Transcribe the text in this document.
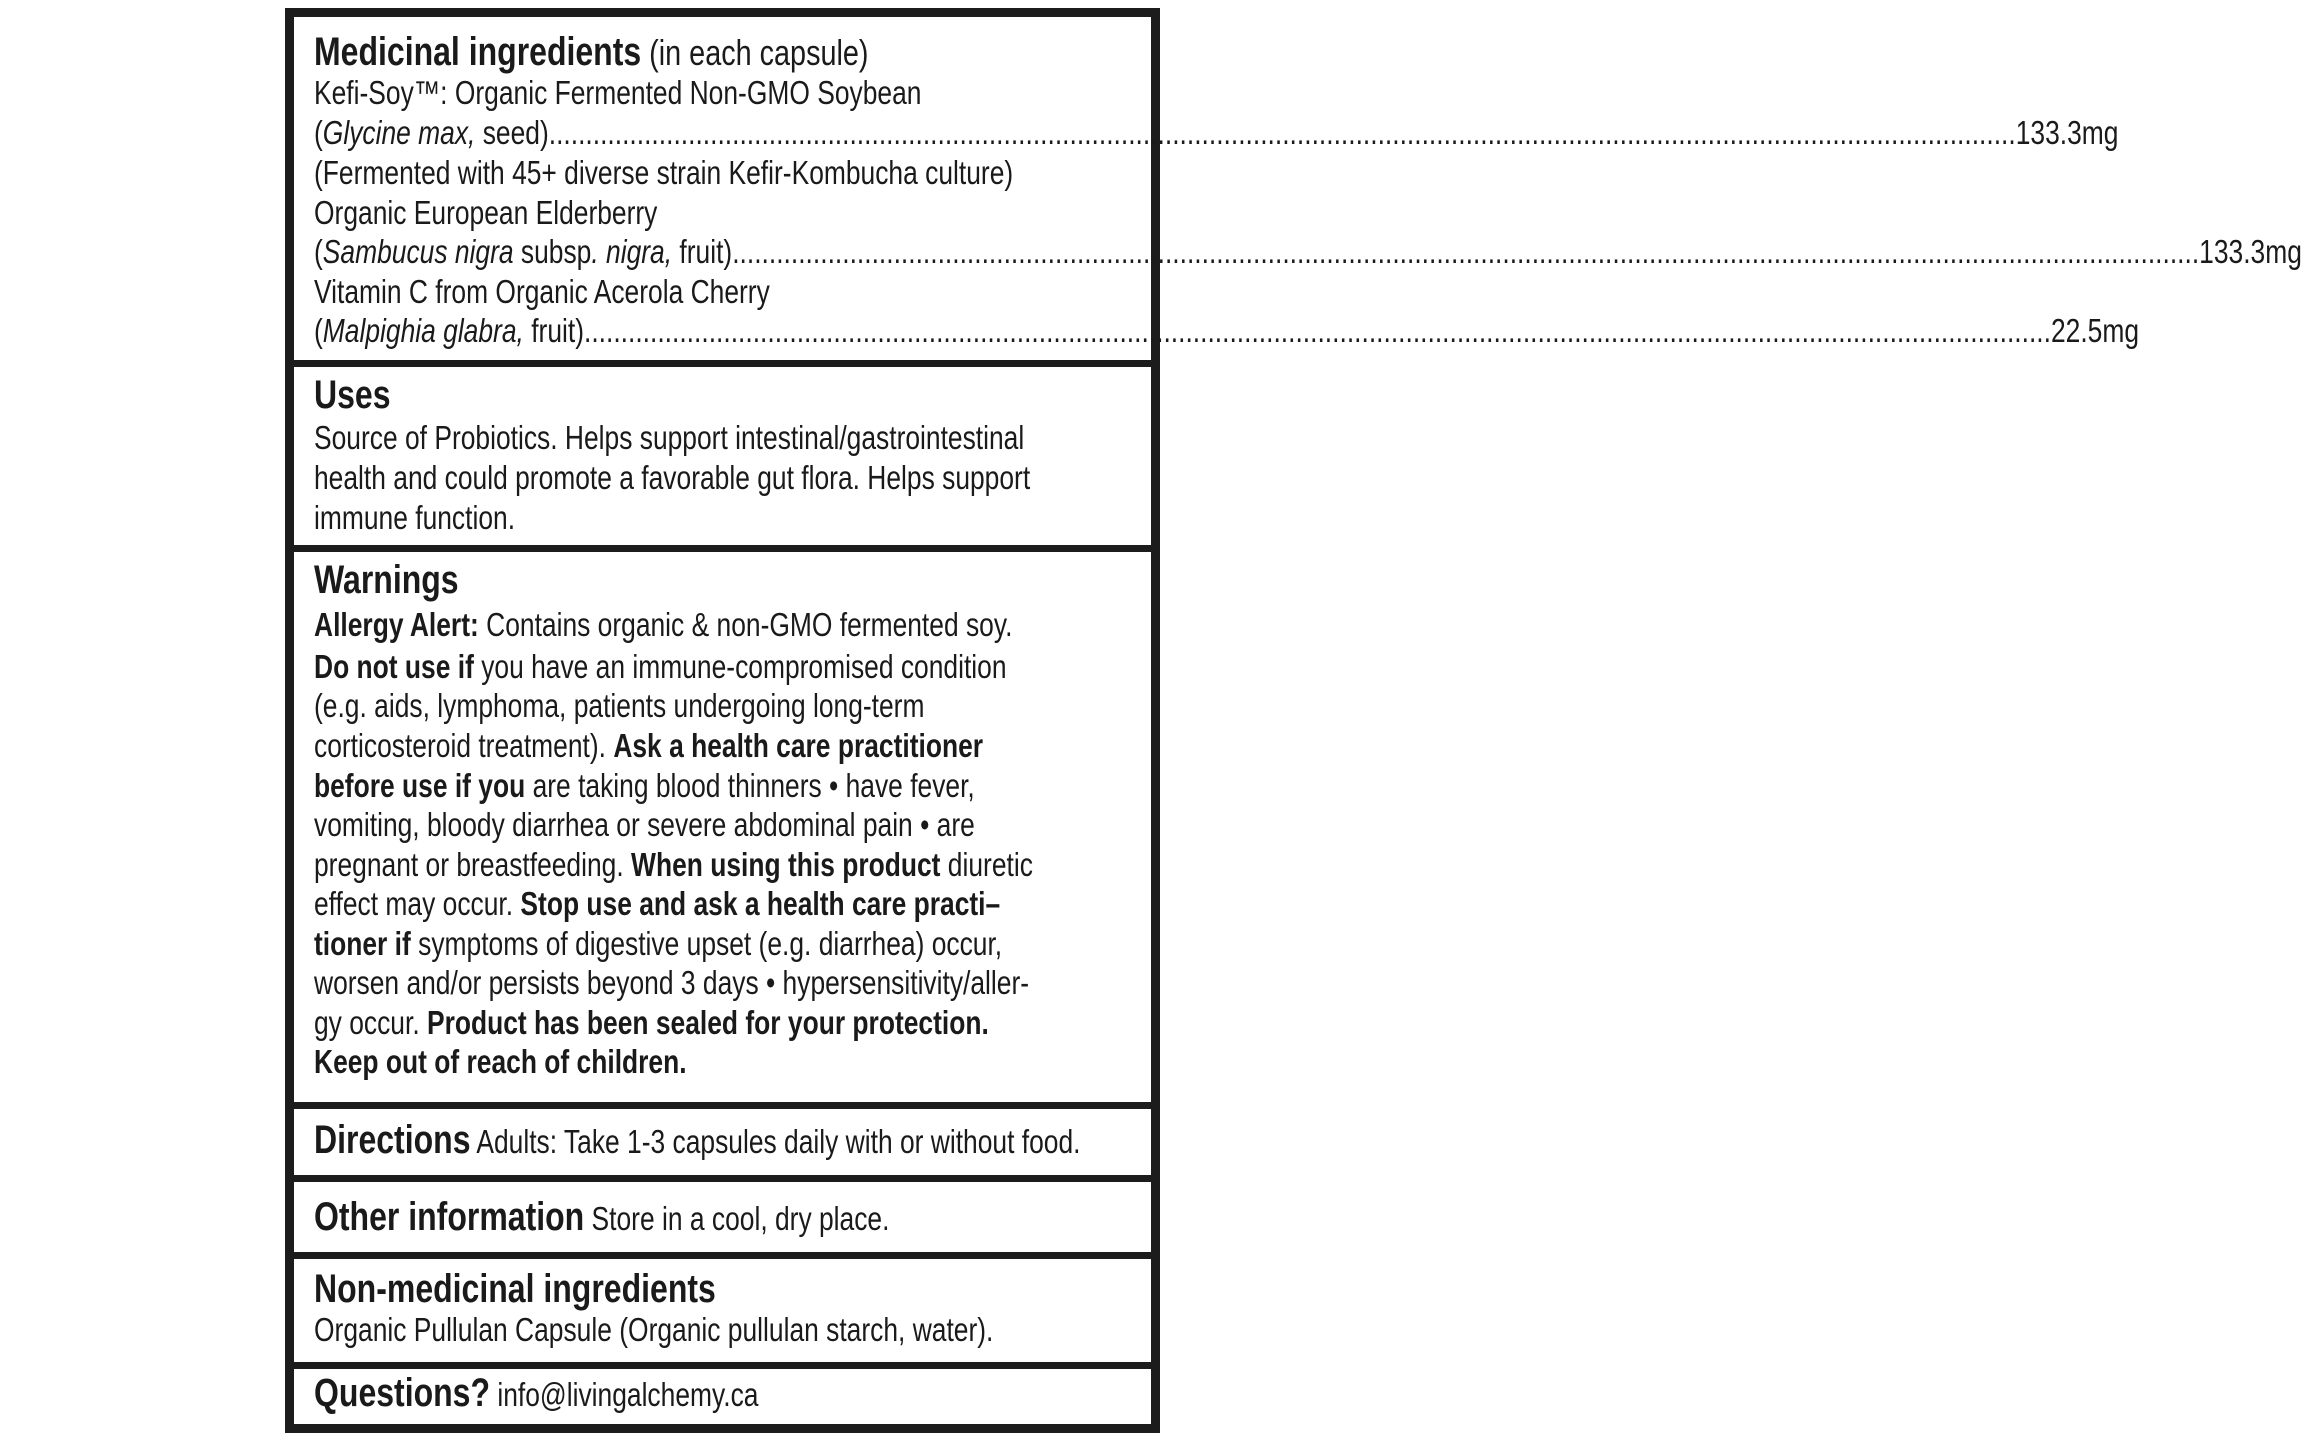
Medicinal ingredients (in each capsule)
Kefi-Soy™: Organic Fermented Non-GMO Soybean
(Glycine max, seed) ........................................................................................................................................................................................................ 133.3mg
(Fermented with 45+ diverse strain Kefir-Kombucha culture)
Organic European Elderberry
(Sambucus nigra subsp. nigra, fruit) ........................................................................................................................................................................................................ 133.3mg
Vitamin C from Organic Acerola Cherry
(Malpighia glabra, fruit) ........................................................................................................................................................................................................ 22.5mg
Uses
Source of Probiotics. Helps support intestinal/gastrointestinal
health and could promote a favorable gut flora. Helps support
immune function.
Warnings
Allergy Alert: Contains organic & non-GMO fermented soy.
Do not use if you have an immune-compromised condition
(e.g. aids, lymphoma, patients undergoing long-term
corticosteroid treatment). Ask a health care practitioner
before use if you are taking blood thinners • have fever,
vomiting, bloody diarrhea or severe abdominal pain • are
pregnant or breastfeeding. When using this product diuretic
effect may occur. Stop use and ask a health care practi–
tioner if symptoms of digestive upset (e.g. diarrhea) occur,
worsen and/or persists beyond 3 days • hypersensitivity/aller-
gy occur. Product has been sealed for your protection.
Keep out of reach of children.
Directions Adults: Take 1-3 capsules daily with or without food.
Other information Store in a cool, dry place.
Non-medicinal ingredients
Organic Pullulan Capsule (Organic pullulan starch, water).
Questions? info@livingalchemy.ca
